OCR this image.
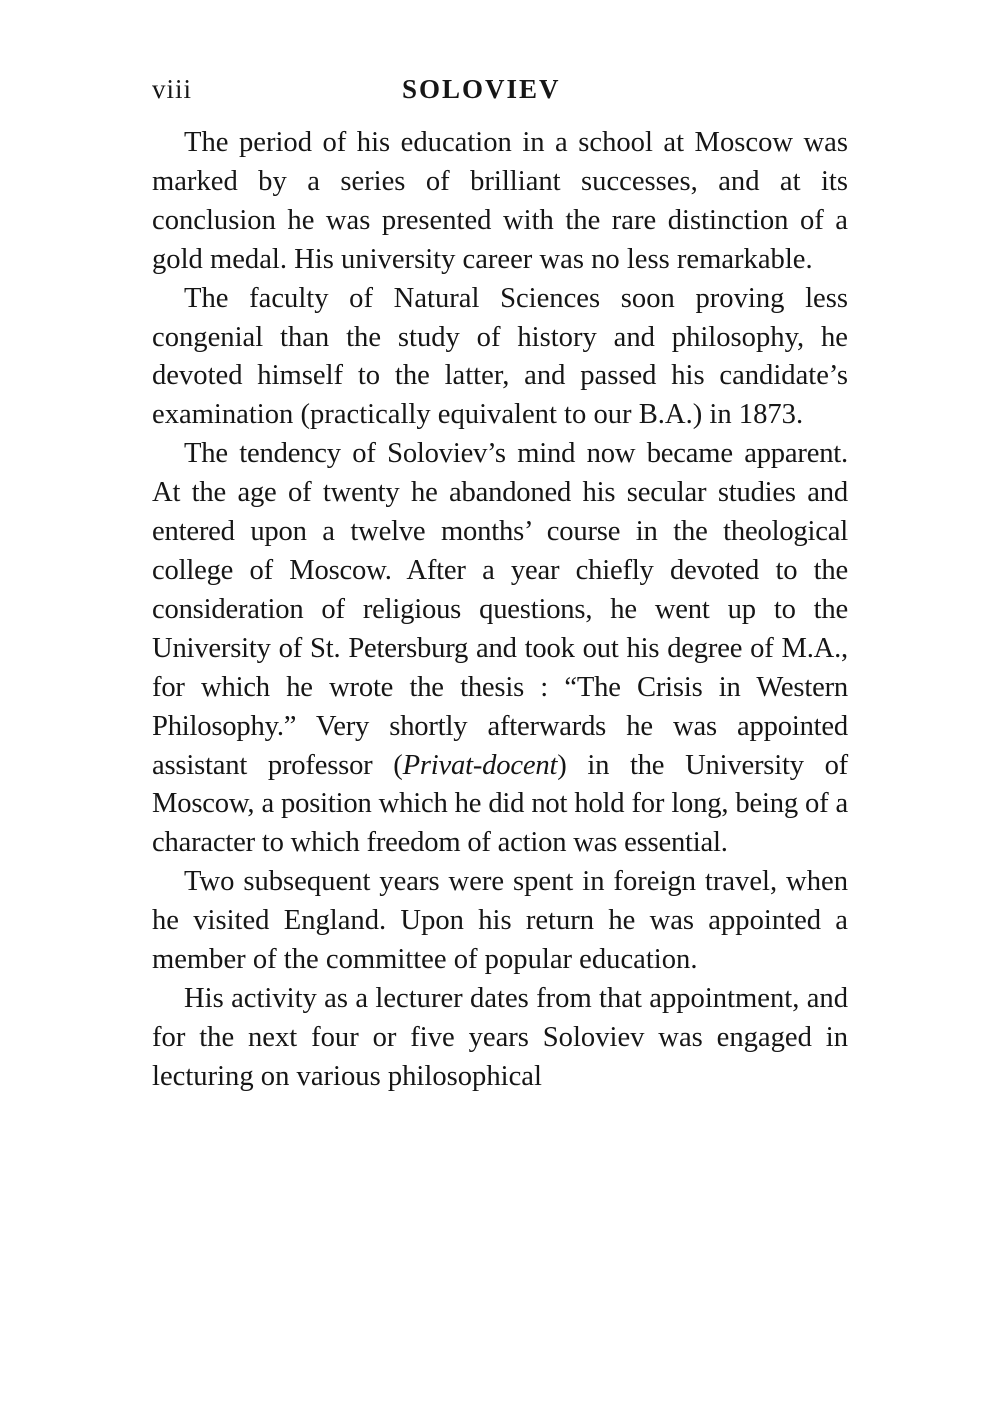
viii	SOLOVIEV

The period of his education in a school at Moscow was marked by a series of brilliant successes, and at its conclusion he was presented with the rare distinction of a gold medal. His university career was no less remarkable.

The faculty of Natural Sciences soon proving less congenial than the study of history and philosophy, he devoted himself to the latter, and passed his candidate’s examination (practically equivalent to our B.A.) in 1873.

The tendency of Soloviev’s mind now became apparent. At the age of twenty he abandoned his secular studies and entered upon a twelve months’ course in the theological college of Moscow. After a year chiefly devoted to the consideration of religious questions, he went up to the University of St. Petersburg and took out his degree of M.A., for which he wrote the thesis : “The Crisis in Western Philosophy.” Very shortly afterwards he was appointed assistant professor (Privat-docent) in the University of Moscow, a position which he did not hold for long, being of a character to which freedom of action was essential.

Two subsequent years were spent in foreign travel, when he visited England. Upon his return he was appointed a member of the committee of popular education.

His activity as a lecturer dates from that appointment, and for the next four or five years Soloviev was engaged in lecturing on various philosophical
